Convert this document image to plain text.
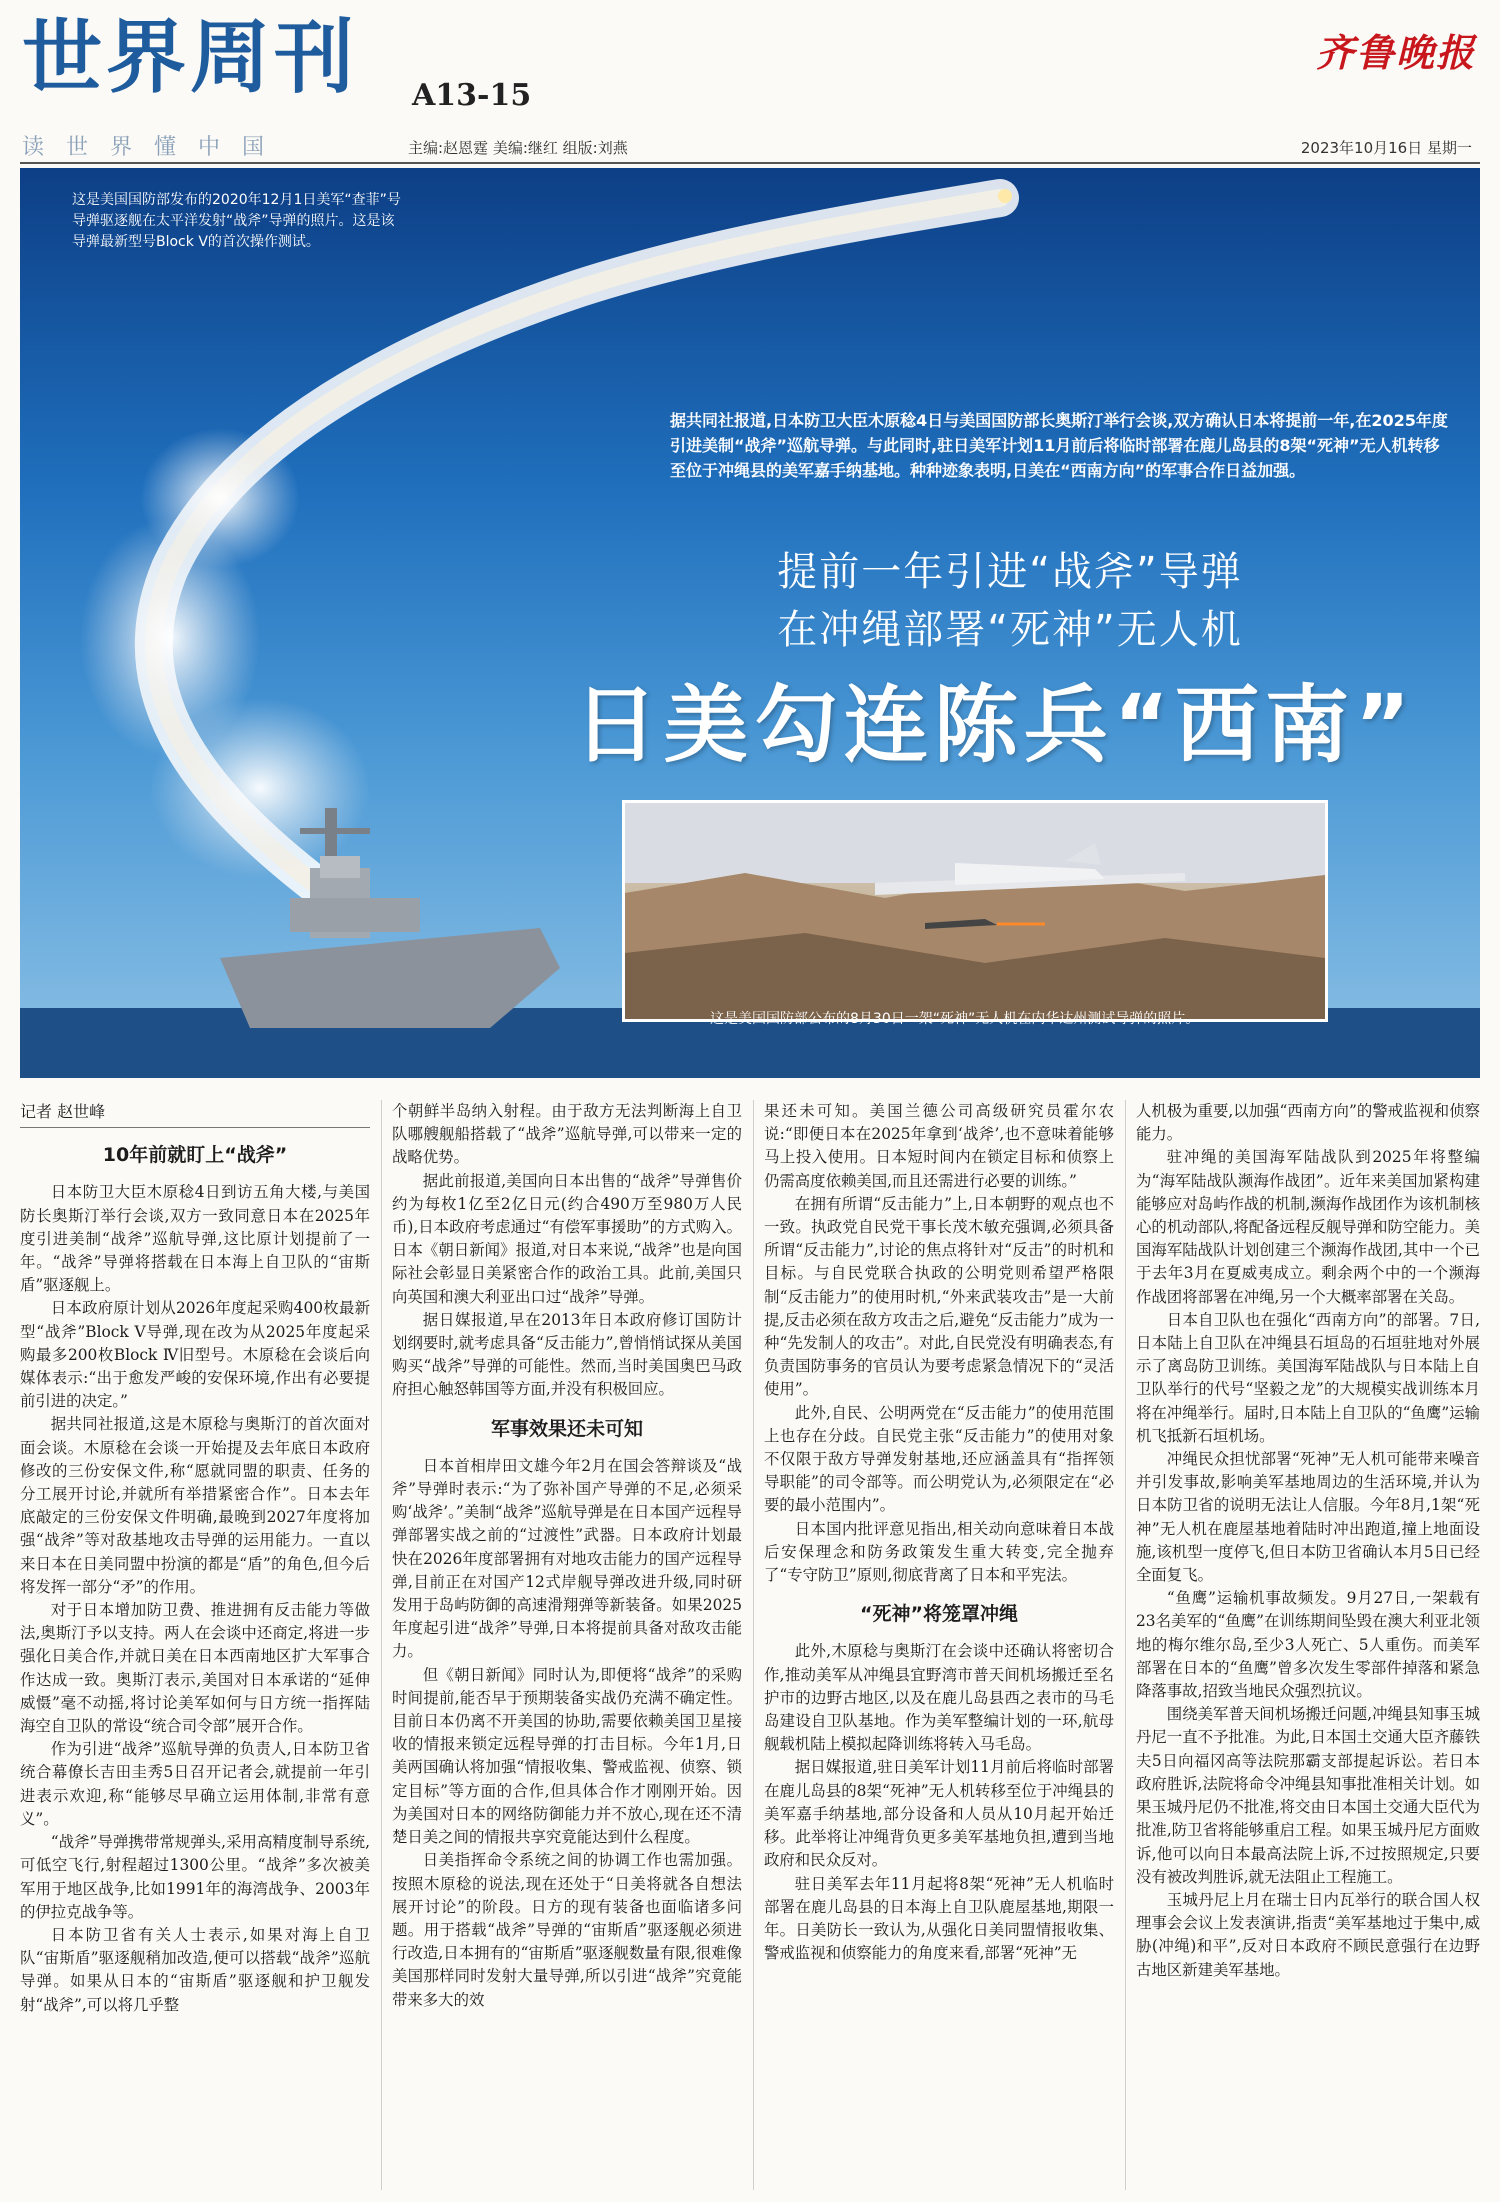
世界周刊 A13-15
读世界懂中国	主编:赵恩霆 美编:继红 组版:刘燕	2023年10月16日 星期一
齐鲁晚报
这是美国国防部发布的2020年12月1日美军“查菲”号导弹驱逐舰在太平洋发射“战斧”导弹的照片。这是该导弹最新型号Block Ⅴ的首次操作测试。
据共同社报道,日本防卫大臣木原稔4日与美国国防部长奥斯汀举行会谈,双方确认日本将提前一年,在2025年度引进美制“战斧”巡航导弹。与此同时,驻日美军计划11月前后将临时部署在鹿儿岛县的8架“死神”无人机转移至位于冲绳县的美军嘉手纳基地。种种迹象表明,日美在“西南方向”的军事合作日益加强。
提前一年引进“战斧”导弹
在冲绳部署“死神”无人机
日美勾连陈兵“西南”
这是美国国防部公布的8月30日一架“死神”无人机在内华达州测试导弹的照片。
记者 赵世峰
10年前就盯上“战斧”

日本防卫大臣木原稔4日到访五角大楼,与美国防长奥斯汀举行会谈,双方一致同意日本在2025年度引进美制“战斧”巡航导弹,这比原计划提前了一年。“战斧”导弹将搭载在日本海上自卫队的“宙斯盾”驱逐舰上。

日本政府原计划从2026年度起采购400枚最新型“战斧”Block Ⅴ导弹,现在改为从2025年度起采购最多200枚Block Ⅳ旧型号。木原稔在会谈后向媒体表示:“出于愈发严峻的安保环境,作出有必要提前引进的决定。”

据共同社报道,这是木原稔与奥斯汀的首次面对面会谈。木原稔在会谈一开始提及去年底日本政府修改的三份安保文件,称“愿就同盟的职责、任务的分工展开讨论,并就所有举措紧密合作”。日本去年底敲定的三份安保文件明确,最晚到2027年度将加强“战斧”等对敌基地攻击导弹的运用能力。一直以来日本在日美同盟中扮演的都是“盾”的角色,但今后将发挥一部分“矛”的作用。

对于日本增加防卫费、推进拥有反击能力等做法,奥斯汀予以支持。两人在会谈中还商定,将进一步强化日美合作,并就日美在日本西南地区扩大军事合作达成一致。奥斯汀表示,美国对日本承诺的“延伸威慑”毫不动摇,将讨论美军如何与日方统一指挥陆海空自卫队的常设“统合司令部”展开合作。

作为引进“战斧”巡航导弹的负责人,日本防卫省统合幕僚长吉田圭秀5日召开记者会,就提前一年引进表示欢迎,称“能够尽早确立运用体制,非常有意义”。

“战斧”导弹携带常规弹头,采用高精度制导系统,可低空飞行,射程超过1300公里。“战斧”多次被美军用于地区战争,比如1991年的海湾战争、2003年的伊拉克战争等。

日本防卫省有关人士表示,如果对海上自卫队“宙斯盾”驱逐舰稍加改造,便可以搭载“战斧”巡航导弹。如果从日本的“宙斯盾”驱逐舰和护卫舰发射“战斧”,可以将几乎整

个朝鲜半岛纳入射程。由于敌方无法判断海上自卫队哪艘舰船搭载了“战斧”巡航导弹,可以带来一定的战略优势。

据此前报道,美国向日本出售的“战斧”导弹售价约为每枚1亿至2亿日元(约合490万至980万人民币),日本政府考虑通过“有偿军事援助”的方式购入。日本《朝日新闻》报道,对日本来说,“战斧”也是向国际社会彰显日美紧密合作的政治工具。此前,美国只向英国和澳大利亚出口过“战斧”导弹。

据日媒报道,早在2013年日本政府修订国防计划纲要时,就考虑具备“反击能力”,曾悄悄试探从美国购买“战斧”导弹的可能性。然而,当时美国奥巴马政府担心触怒韩国等方面,并没有积极回应。

军事效果还未可知

日本首相岸田文雄今年2月在国会答辩谈及“战斧”导弹时表示:“为了弥补国产导弹的不足,必须采购‘战斧’。”美制“战斧”巡航导弹是在日本国产远程导弹部署实战之前的“过渡性”武器。日本政府计划最快在2026年度部署拥有对地攻击能力的国产远程导弹,目前正在对国产12式岸舰导弹改进升级,同时研发用于岛屿防御的高速滑翔弹等新装备。如果2025年度起引进“战斧”导弹,日本将提前具备对敌攻击能力。

但《朝日新闻》同时认为,即便将“战斧”的采购时间提前,能否早于预期装备实战仍充满不确定性。目前日本仍离不开美国的协助,需要依赖美国卫星接收的情报来锁定远程导弹的打击目标。今年1月,日美两国确认将加强“情报收集、警戒监视、侦察、锁定目标”等方面的合作,但具体合作才刚刚开始。因为美国对日本的网络防御能力并不放心,现在还不清楚日美之间的情报共享究竟能达到什么程度。

日美指挥命令系统之间的协调工作也需加强。按照木原稔的说法,现在还处于“日美将就各自想法展开讨论”的阶段。日方的现有装备也面临诸多问题。用于搭载“战斧”导弹的“宙斯盾”驱逐舰必须进行改造,日本拥有的“宙斯盾”驱逐舰数量有限,很难像美国那样同时发射大量导弹,所以引进“战斧”究竟能带来多大的效

果还未可知。美国兰德公司高级研究员霍尔农说:“即便日本在2025年拿到‘战斧’,也不意味着能够马上投入使用。日本短时间内在锁定目标和侦察上仍需高度依赖美国,而且还需进行必要的训练。”

在拥有所谓“反击能力”上,日本朝野的观点也不一致。执政党自民党干事长茂木敏充强调,必须具备所谓“反击能力”,讨论的焦点将针对“反击”的时机和目标。与自民党联合执政的公明党则希望严格限制“反击能力”的使用时机,“外来武装攻击”是一大前提,反击必须在敌方攻击之后,避免“反击能力”成为一种“先发制人的攻击”。对此,自民党没有明确表态,有负责国防事务的官员认为要考虑紧急情况下的“灵活使用”。

此外,自民、公明两党在“反击能力”的使用范围上也存在分歧。自民党主张“反击能力”的使用对象不仅限于敌方导弹发射基地,还应涵盖具有“指挥领导职能”的司令部等。而公明党认为,必须限定在“必要的最小范围内”。

日本国内批评意见指出,相关动向意味着日本战后安保理念和防务政策发生重大转变,完全抛弃了“专守防卫”原则,彻底背离了日本和平宪法。

“死神”将笼罩冲绳

此外,木原稔与奥斯汀在会谈中还确认将密切合作,推动美军从冲绳县宜野湾市普天间机场搬迁至名护市的边野古地区,以及在鹿儿岛县西之表市的马毛岛建设自卫队基地。作为美军整编计划的一环,航母舰载机陆上模拟起降训练将转入马毛岛。

据日媒报道,驻日美军计划11月前后将临时部署在鹿儿岛县的8架“死神”无人机转移至位于冲绳县的美军嘉手纳基地,部分设备和人员从10月起开始迁移。此举将让冲绳背负更多美军基地负担,遭到当地政府和民众反对。

驻日美军去年11月起将8架“死神”无人机临时部署在鹿儿岛县的日本海上自卫队鹿屋基地,期限一年。日美防长一致认为,从强化日美同盟情报收集、警戒监视和侦察能力的角度来看,部署“死神”无

人机极为重要,以加强“西南方向”的警戒监视和侦察能力。

驻冲绳的美国海军陆战队到2025年将整编为“海军陆战队濒海作战团”。近年来美国加紧构建能够应对岛屿作战的机制,濒海作战团作为该机制核心的机动部队,将配备远程反舰导弹和防空能力。美国海军陆战队计划创建三个濒海作战团,其中一个已于去年3月在夏威夷成立。剩余两个中的一个濒海作战团将部署在冲绳,另一个大概率部署在关岛。

日本自卫队也在强化“西南方向”的部署。7日,日本陆上自卫队在冲绳县石垣岛的石垣驻地对外展示了离岛防卫训练。美国海军陆战队与日本陆上自卫队举行的代号“坚毅之龙”的大规模实战训练本月将在冲绳举行。届时,日本陆上自卫队的“鱼鹰”运输机飞抵新石垣机场。

冲绳民众担忧部署“死神”无人机可能带来噪音并引发事故,影响美军基地周边的生活环境,并认为日本防卫省的说明无法让人信服。今年8月,1架“死神”无人机在鹿屋基地着陆时冲出跑道,撞上地面设施,该机型一度停飞,但日本防卫省确认本月5日已经全面复飞。

“鱼鹰”运输机事故频发。9月27日,一架载有23名美军的“鱼鹰”在训练期间坠毁在澳大利亚北领地的梅尔维尔岛,至少3人死亡、5人重伤。而美军部署在日本的“鱼鹰”曾多次发生零部件掉落和紧急降落事故,招致当地民众强烈抗议。

围绕美军普天间机场搬迁问题,冲绳县知事玉城丹尼一直不予批准。为此,日本国土交通大臣齐藤铁夫5日向福冈高等法院那霸支部提起诉讼。若日本政府胜诉,法院将命令冲绳县知事批准相关计划。如果玉城丹尼仍不批准,将交由日本国土交通大臣代为批准,防卫省将能够重启工程。如果玉城丹尼方面败诉,他可以向日本最高法院上诉,不过按照规定,只要没有被改判胜诉,就无法阻止工程施工。

玉城丹尼上月在瑞士日内瓦举行的联合国人权理事会会议上发表演讲,指责“美军基地过于集中,威胁(冲绳)和平”,反对日本政府不顾民意强行在边野古地区新建美军基地。
